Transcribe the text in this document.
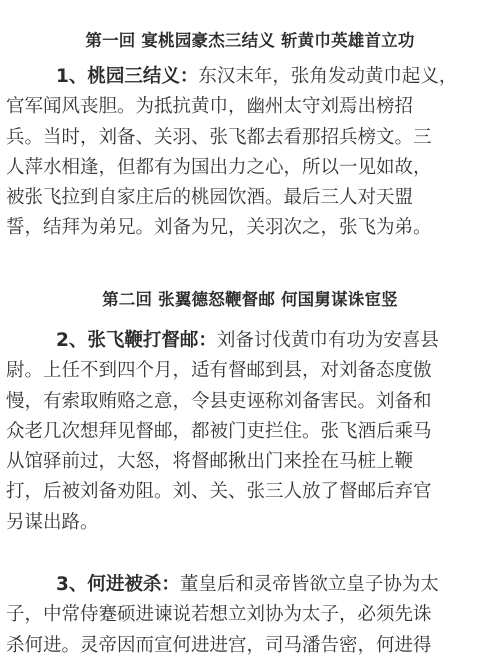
第一回 宴桃园豪杰三结义 斩黄巾英雄首立功
1、桃园三结义：东汉末年，张角发动黄巾起义，
官军闻风丧胆。为抵抗黄巾，幽州太守刘焉出榜招
兵。当时，刘备、关羽、张飞都去看那招兵榜文。三
人萍水相逢，但都有为国出力之心，所以一见如故，
被张飞拉到自家庄后的桃园饮酒。最后三人对天盟
誓，结拜为弟兄。刘备为兄，关羽次之，张飞为弟。
第二回 张翼德怒鞭督邮 何国舅谋诛宦竖
2、张飞鞭打督邮：刘备讨伐黄巾有功为安喜县
尉。上任不到四个月，适有督邮到县，对刘备态度傲
慢，有索取贿赂之意，令县吏诬称刘备害民。刘备和
众老几次想拜见督邮，都被门吏拦住。张飞酒后乘马
从馆驿前过，大怒，将督邮揪出门来拴在马桩上鞭
打，后被刘备劝阻。刘、关、张三人放了督邮后弃官
另谋出路。
3、何进被杀：董皇后和灵帝皆欲立皇子协为太
子，中常侍蹇硕进谏说若想立刘协为太子，必须先诛
杀何进。灵帝因而宣何进进宫，司马潘告密，何进得
